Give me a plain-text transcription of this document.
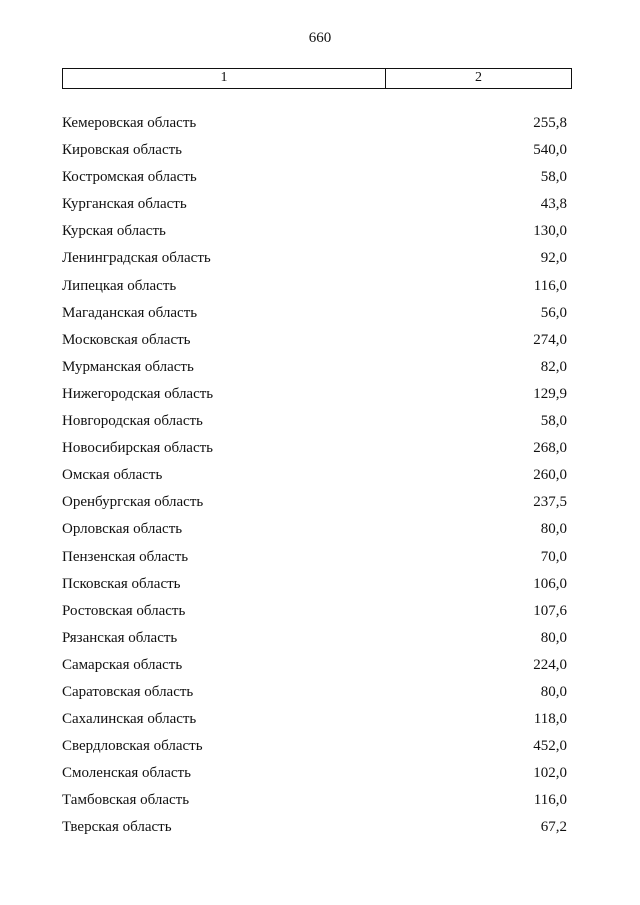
660
1	2
Кемеровская область	255,8
Кировская область	540,0
Костромская область	58,0
Курганская область	43,8
Курская область	130,0
Ленинградская область	92,0
Липецкая область	116,0
Магаданская область	56,0
Московская область	274,0
Мурманская область	82,0
Нижегородская область	129,9
Новгородская область	58,0
Новосибирская область	268,0
Омская область	260,0
Оренбургская область	237,5
Орловская область	80,0
Пензенская область	70,0
Псковская область	106,0
Ростовская область	107,6
Рязанская область	80,0
Самарская область	224,0
Саратовская область	80,0
Сахалинская область	118,0
Свердловская область	452,0
Смоленская область	102,0
Тамбовская область	116,0
Тверская область	67,2
